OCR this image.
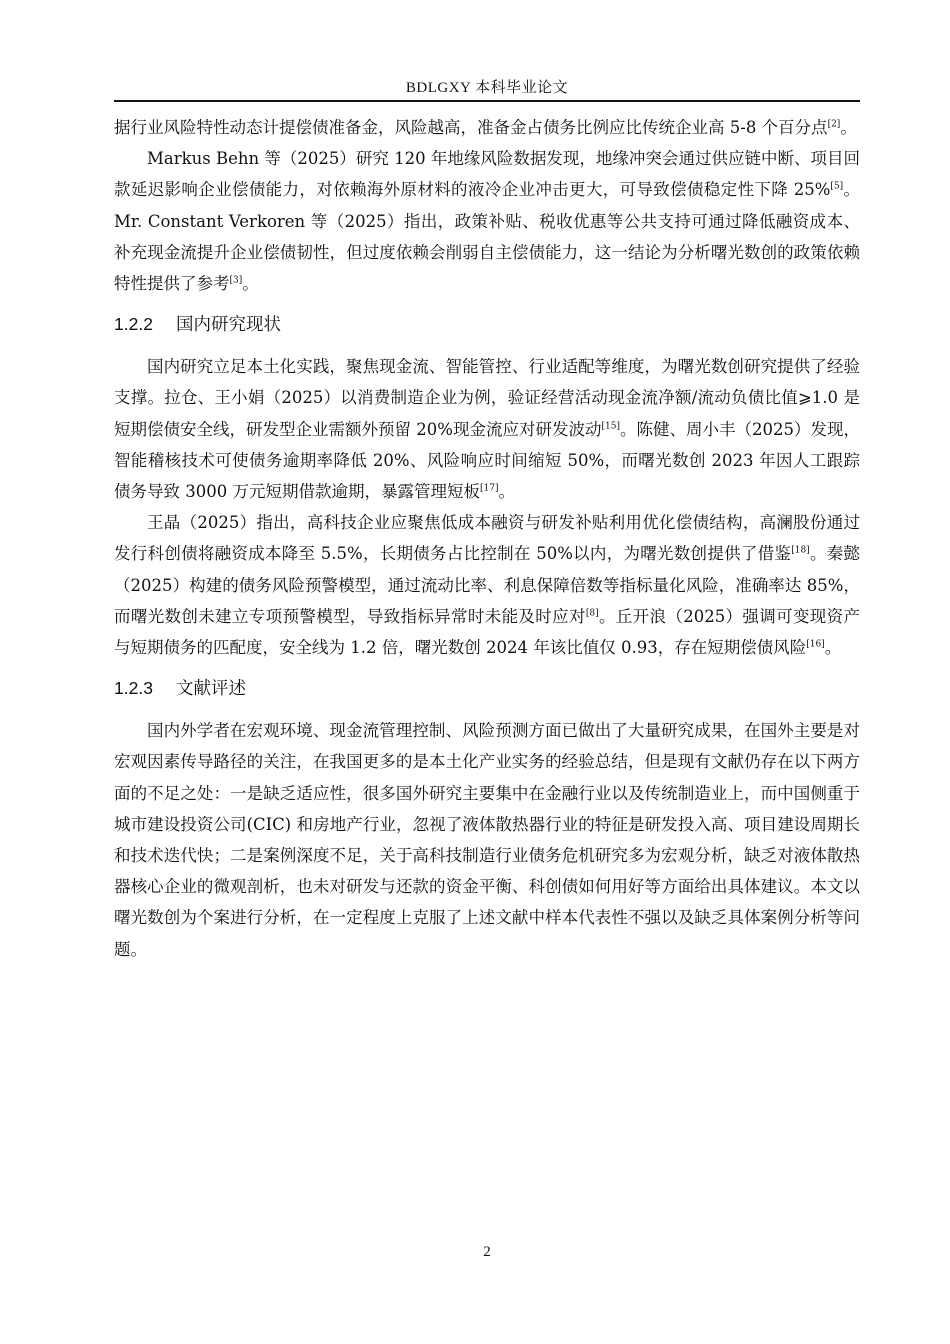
BDLGXY 本科毕业论文

据行业风险特性动态计提偿债准备金，风险越高，准备金占债务比例应比传统企业高 5-8 个百分点[2]。

Markus Behn 等（2025）研究 120 年地缘风险数据发现，地缘冲突会通过供应链中断、项目回款延迟影响企业偿债能力，对依赖海外原材料的液冷企业冲击更大，可导致偿债稳定性下降 25%[5]。Mr. Constant Verkoren 等（2025）指出，政策补贴、税收优惠等公共支持可通过降低融资成本、补充现金流提升企业偿债韧性，但过度依赖会削弱自主偿债能力，这一结论为分析曙光数创的政策依赖特性提供了参考[3]。

1.2.2 国内研究现状

国内研究立足本土化实践，聚焦现金流、智能管控、行业适配等维度，为曙光数创研究提供了经验支撑。拉仓、王小娟（2025）以消费制造企业为例，验证经营活动现金流净额/流动负债比值⩾1.0 是短期偿债安全线，研发型企业需额外预留 20%现金流应对研发波动[15]。陈健、周小丰（2025）发现，智能稽核技术可使债务逾期率降低 20%、风险响应时间缩短 50%，而曙光数创 2023 年因人工跟踪债务导致 3000 万元短期借款逾期，暴露管理短板[17]。

王晶（2025）指出，高科技企业应聚焦低成本融资与研发补贴利用优化偿债结构，高澜股份通过发行科创债将融资成本降至 5.5%，长期债务占比控制在 50%以内，为曙光数创提供了借鉴[18]。秦懿（2025）构建的债务风险预警模型，通过流动比率、利息保障倍数等指标量化风险，准确率达 85%，而曙光数创未建立专项预警模型，导致指标异常时未能及时应对[8]。丘开浪（2025）强调可变现资产与短期债务的匹配度，安全线为 1.2 倍，曙光数创 2024 年该比值仅 0.93，存在短期偿债风险[16]。

1.2.3 文献评述

国内外学者在宏观环境、现金流管理控制、风险预测方面已做出了大量研究成果，在国外主要是对宏观因素传导路径的关注，在我国更多的是本土化产业实务的经验总结，但是现有文献仍存在以下两方面的不足之处：一是缺乏适应性，很多国外研究主要集中在金融行业以及传统制造业上，而中国侧重于城市建设投资公司(CIC) 和房地产行业，忽视了液体散热器行业的特征是研发投入高、项目建设周期长和技术迭代快；二是案例深度不足，关于高科技制造行业债务危机研究多为宏观分析，缺乏对液体散热器核心企业的微观剖析，也未对研发与还款的资金平衡、科创债如何用好等方面给出具体建议。本文以曙光数创为个案进行分析，在一定程度上克服了上述文献中样本代表性不强以及缺乏具体案例分析等问题。

2
